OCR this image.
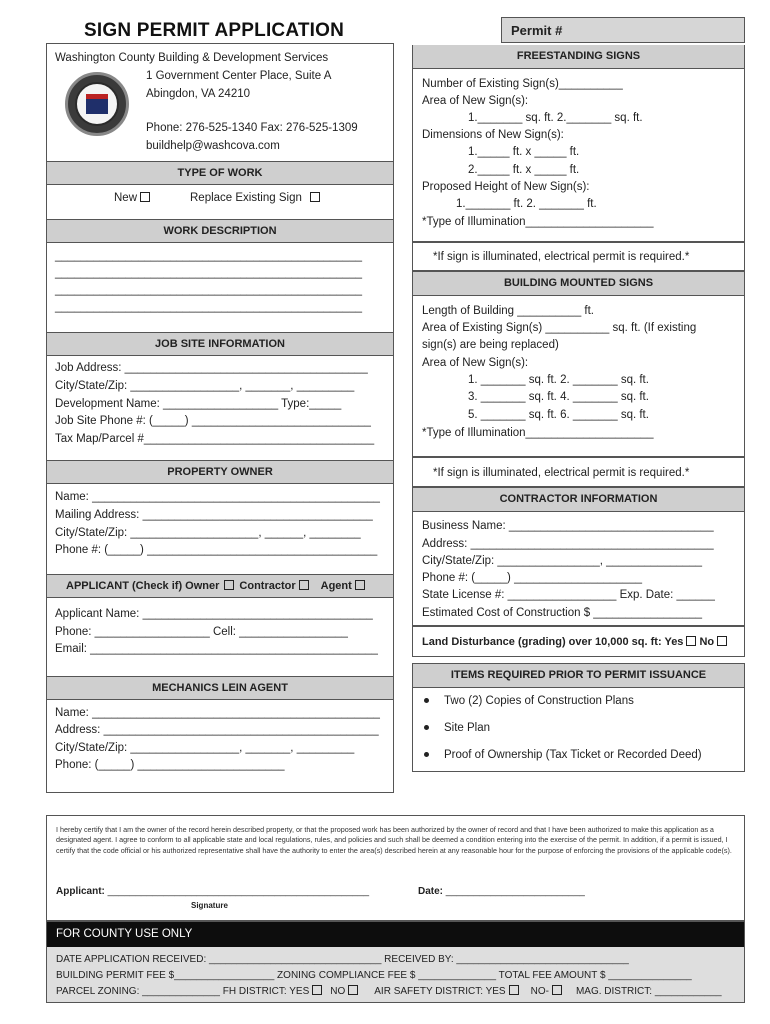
SIGN PERMIT APPLICATION	Permit #
Washington County Building & Development Services
1 Government Center Place, Suite A
Abingdon, VA 24210
Phone: 276-525-1340 Fax: 276-525-1309
buildhelp@washcova.com
TYPE OF WORK
New	Replace Existing Sign
WORK DESCRIPTION
________________________________________________
________________________________________________
________________________________________________
________________________________________________
JOB SITE INFORMATION
Job Address: ______________________________________
City/State/Zip: _________________, _______, _________
Development Name: __________________ Type:_____
Job Site Phone #: (_____) ____________________________
Tax Map/Parcel #____________________________________
PROPERTY OWNER
Name: _____________________________________________
Mailing Address: ____________________________________
City/State/Zip: ____________________, ______, ________
Phone #: (_____) ____________________________________
APPLICANT (Check if) Owner Contractor Agent
Applicant Name: ____________________________________
Phone: __________________ Cell: _________________
Email: _____________________________________________
MECHANICS LEIN AGENT
Name: _____________________________________________
Address: ___________________________________________
City/State/Zip: _________________, _______, _________
Phone: (_____) _______________________
FREESTANDING SIGNS
Number of Existing Sign(s)__________
Area of New Sign(s):
1._______ sq. ft. 2._______ sq. ft.
Dimensions of New Sign(s):
1._____ ft. x _____ ft.
2._____ ft. x _____ ft.
Proposed Height of New Sign(s):
1._______ ft. 2. _______ ft.
*Type of Illumination____________________
*If sign is illuminated, electrical permit is required.*
BUILDING MOUNTED SIGNS
Length of Building __________ ft.
Area of Existing Sign(s) __________ sq. ft. (If existing
sign(s) are being replaced)
Area of New Sign(s):
1. _______ sq. ft. 2. _______ sq. ft.
3. _______ sq. ft. 4. _______ sq. ft.
5. _______ sq. ft. 6. _______ sq. ft.
*Type of Illumination____________________
*If sign is illuminated, electrical permit is required.*
CONTRACTOR INFORMATION
Business Name: ________________________________
Address: ______________________________________
City/State/Zip: ________________, _______________
Phone #: (_____) ____________________
State License #: _________________ Exp. Date: ______
Estimated Cost of Construction $ _________________
Land Disturbance (grading) over 10,000 sq. ft: Yes No
ITEMS REQUIRED PRIOR TO PERMIT ISSUANCE
Two (2) Copies of Construction Plans
Site Plan
Proof of Ownership (Tax Ticket or Recorded Deed)
I hereby certify that I am the owner of the record herein described property, or that the proposed work has been authorized by the owner of record and that I have been authorized to make this application as a designated agent. I agree to conform to all applicable state and local regulations, rules, and policies and such shall be deemed a condition entering into the exercise of the permit. In addition, if a permit is issued, I certify that the code official or his authorized representative shall have the authority to enter the area(s) described herein at any reasonable hour for the purpose of enforcing the provisions of the applicable code(s).
Applicant: _______________________________________________
Signature
Date: _________________________
FOR COUNTY USE ONLY
DATE APPLICATION RECEIVED: _______________________________ RECEIVED BY: _______________________________
BUILDING PERMIT FEE $__________________ ZONING COMPLIANCE FEE $ ______________ TOTAL FEE AMOUNT $ _______________
PARCEL ZONING: ______________ FH DISTRICT: YES NO	AIR SAFETY DISTRICT: YES	NO-	MAG. DISTRICT: ____________
